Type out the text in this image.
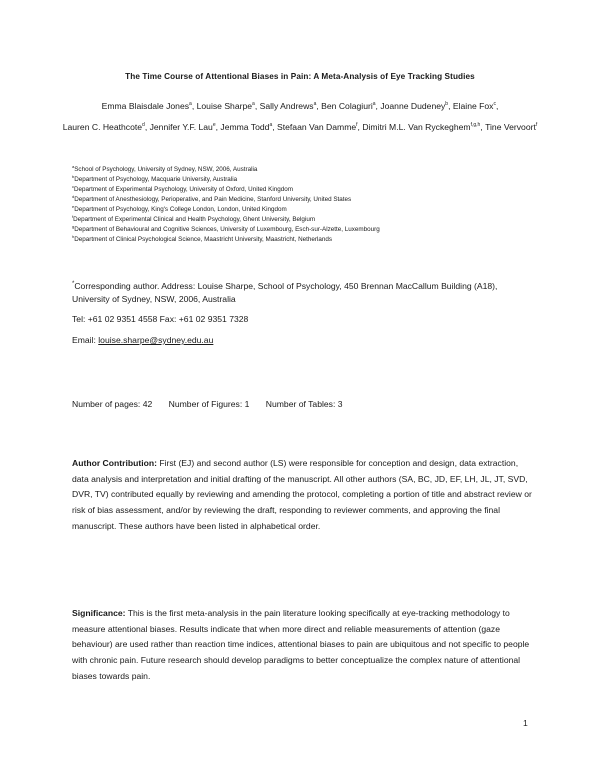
The Time Course of Attentional Biases in Pain: A Meta-Analysis of Eye Tracking Studies
Emma Blaisdale Jones$^a$, Louise Sharpe$^a$, Sally Andrews$^a$, Ben Colagiuri$^a$, Joanne Dudeney$^b$, Elaine Fox$^c$, Lauren C. Heathcote$^d$, Jennifer Y.F. Lau$^e$, Jemma Todd$^a$, Stefaan Van Damme$^f$, Dimitri M.L. Van Ryckeghem$^{f,g,h}$, Tine Vervoort$^f$
$^a$School of Psychology, University of Sydney, NSW, 2006, Australia
$^b$Department of Psychology, Macquarie University, Australia
$^c$Department of Experimental Psychology, University of Oxford, United Kingdom
$^d$Department of Anesthesiology, Perioperative, and Pain Medicine, Stanford University, United States
$^e$Department of Psychology, King's College London, London, United Kingdom
$^f$Department of Experimental Clinical and Health Psychology, Ghent University, Belgium
$^g$Department of Behavioural and Cognitive Sciences, University of Luxembourg, Esch-sur-Alzette, Luxembourg
$^h$Department of Clinical Psychological Science, Maastricht University, Maastricht, Netherlands
*Corresponding author. Address: Louise Sharpe, School of Psychology, 450 Brennan MacCallum Building (A18), University of Sydney, NSW, 2006, Australia
Tel: +61 02 9351 4558 Fax: +61 02 9351 7328
Email: louise.sharpe@sydney.edu.au
Number of pages: 42 Number of Figures: 1 Number of Tables: 3
Author Contribution: First (EJ) and second author (LS) were responsible for conception and design, data extraction, data analysis and interpretation and initial drafting of the manuscript. All other authors (SA, BC, JD, EF, LH, JL, JT, SVD, DVR, TV) contributed equally by reviewing and amending the protocol, completing a portion of title and abstract review or risk of bias assessment, and/or by reviewing the draft, responding to reviewer comments, and approving the final manuscript. These authors have been listed in alphabetical order.
Significance: This is the first meta-analysis in the pain literature looking specifically at eye-tracking methodology to measure attentional biases. Results indicate that when more direct and reliable measurements of attention (gaze behaviour) are used rather than reaction time indices, attentional biases to pain are ubiquitous and not specific to people with chronic pain. Future research should develop paradigms to better conceptualize the complex nature of attentional biases towards pain.
1
